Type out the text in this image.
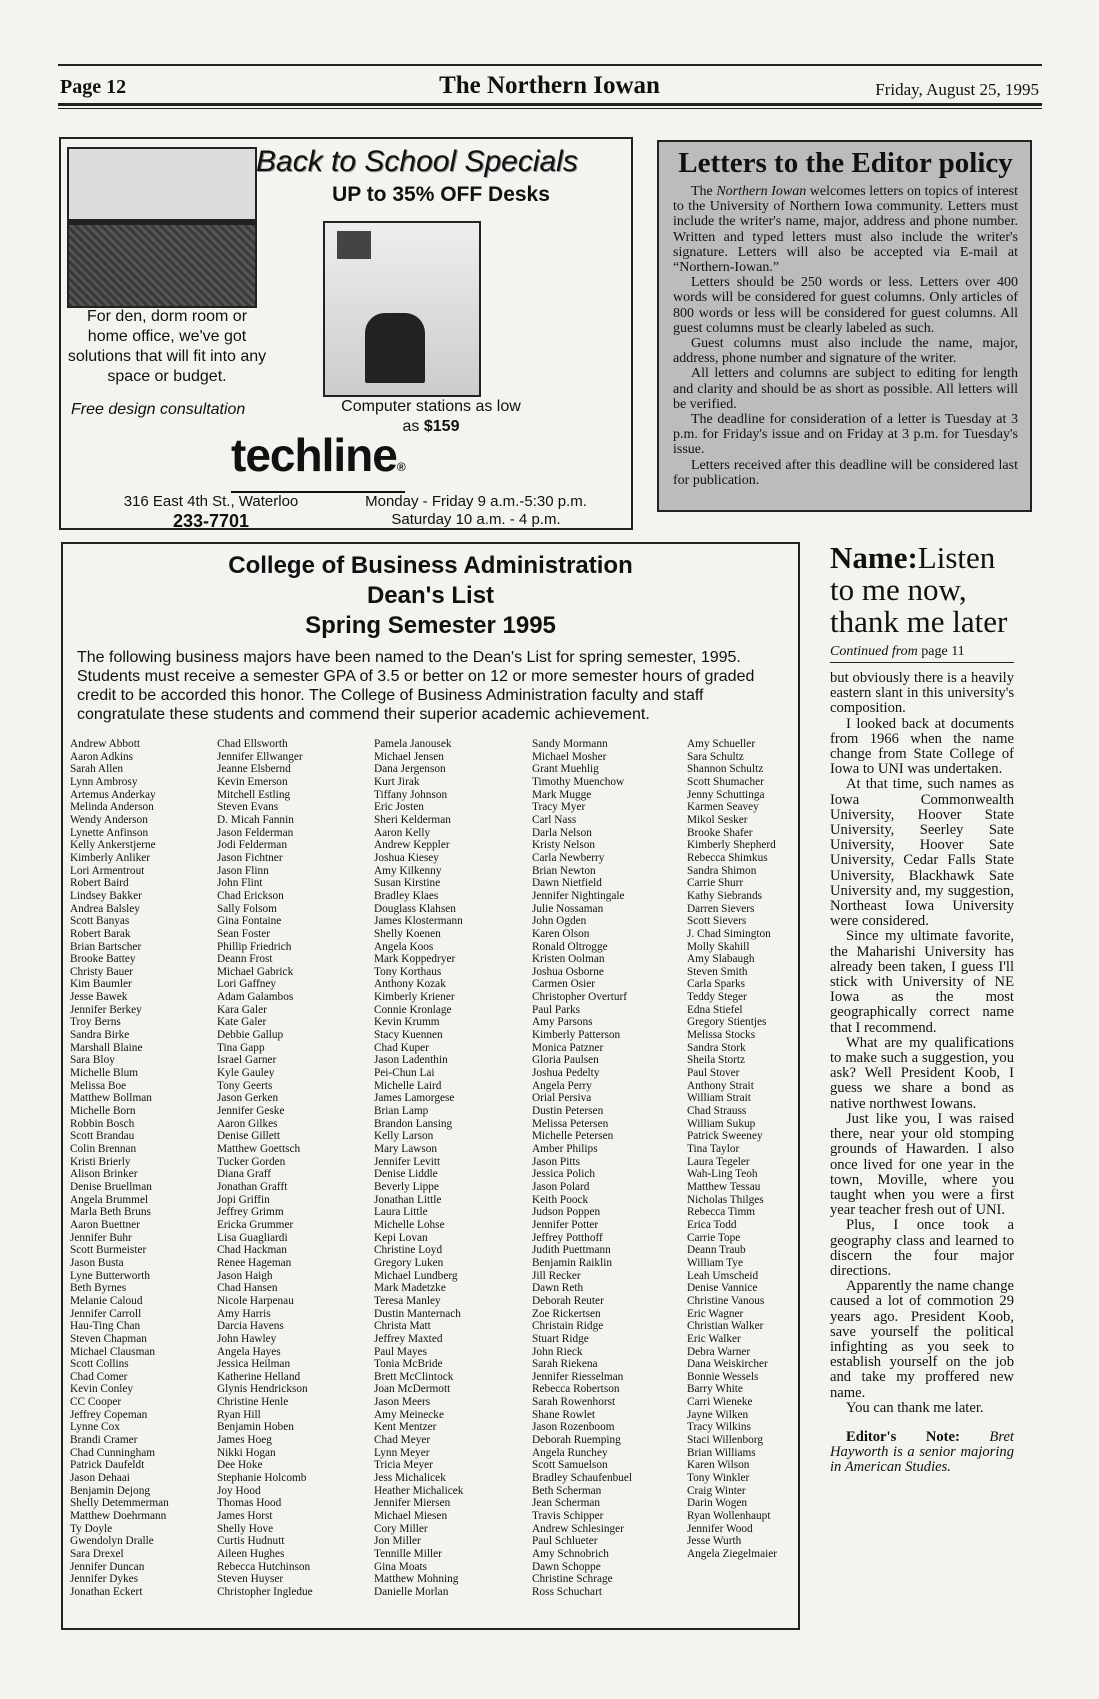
Page 12	The Northern Iowan	Friday, August 25, 1995
Back to School Specials
UP to 35% OFF Desks
For den, dorm room or home office, we've got solutions that will fit into any space or budget.
Free design consultation	Computer stations as low as $159
techline®
316 East 4th St., Waterloo
233-7701
Monday - Friday 9 a.m.-5:30 p.m.
Saturday 10 a.m. - 4 p.m.
Letters to the Editor policy

The Northern Iowan welcomes letters on topics of interest to the University of Northern Iowa community. Letters must include the writer's name, major, address and phone number. Written and typed letters must also include the writer's signature. Letters will also be accepted via E-mail at “Northern-Iowan.”

Letters should be 250 words or less. Letters over 400 words will be considered for guest columns. Only articles of 800 words or less will be considered for guest columns. All guest columns must be clearly labeled as such.

Guest columns must also include the name, major, address, phone number and signature of the writer.

All letters and columns are subject to editing for length and clarity and should be as short as possible. All letters will be verified.

The deadline for consideration of a letter is Tuesday at 3 p.m. for Friday's issue and on Friday at 3 p.m. for Tuesday's issue.

Letters received after this deadline will be considered last for publication.

College of Business Administration
Dean's List
Spring Semester 1995
The following business majors have been named to the Dean's List for spring semester, 1995. Students must receive a semester GPA of 3.5 or better on 12 or more semester hours of graded credit to be accorded this honor. The College of Business Administration faculty and staff congratulate these students and commend their superior academic achievement.
Andrew Abbott
Aaron Adkins
Sarah Allen
Lynn Ambrosy
Artemus Anderkay
Melinda Anderson
Wendy Anderson
Lynette Anfinson
Kelly Ankerstjerne
Kimberly Anliker
Lori Armentrout
Robert Baird
Lindsey Bakker
Andrea Balsley
Scott Banyas
Robert Barak
Brian Bartscher
Brooke Battey
Christy Bauer
Kim Baumler
Jesse Bawek
Jennifer Berkey
Troy Berns
Sandra Birke
Marshall Blaine
Sara Bloy
Michelle Blum
Melissa Boe
Matthew Bollman
Michelle Born
Robbin Bosch
Scott Brandau
Colin Brennan
Kristi Brierly
Alison Brinker
Denise Bruellman
Angela Brummel
Marla Beth Bruns
Aaron Buettner
Jennifer Buhr
Scott Burmeister
Jason Busta
Lyne Butterworth
Beth Byrnes
Melanie Caloud
Jennifer Carroll
Hau-Ting Chan
Steven Chapman
Michael Clausman
Scott Collins
Chad Comer
Kevin Conley
CC Cooper
Jeffrey Copeman
Lynne Cox
Brandi Cramer
Chad Cunningham
Patrick Daufeldt
Jason Dehaai
Benjamin Dejong
Shelly Detemmerman
Matthew Doehrmann
Ty Doyle
Gwendolyn Dralle
Sara Drexel
Jennifer Duncan
Jennifer Dykes
Jonathan Eckert
Chad Ellsworth
Jennifer Ellwanger
Jeanne Elsbernd
Kevin Emerson
Mitchell Estling
Steven Evans
D. Micah Fannin
Jason Felderman
Jodi Felderman
Jason Fichtner
Jason Flinn
John Flint
Chad Erickson
Sally Folsom
Gina Fontaine
Sean Foster
Phillip Friedrich
Deann Frost
Michael Gabrick
Lori Gaffney
Adam Galambos
Kara Galer
Kate Galer
Debbie Gallup
Tina Gapp
Israel Garner
Kyle Gauley
Tony Geerts
Jason Gerken
Jennifer Geske
Aaron Gilkes
Denise Gillett
Matthew Goettsch
Tucker Gorden
Diana Graff
Jonathan Grafft
Jopi Griffin
Jeffrey Grimm
Ericka Grummer
Lisa Guagliardi
Chad Hackman
Renee Hageman
Jason Haigh
Chad Hansen
Nicole Harpenau
Amy Harris
Darcia Havens
John Hawley
Angela Hayes
Jessica Heilman
Katherine Helland
Glynis Hendrickson
Christine Henle
Ryan Hill
Benjamin Hoben
James Hoeg
Nikki Hogan
Dee Hoke
Stephanie Holcomb
Joy Hood
Thomas Hood
James Horst
Shelly Hove
Curtis Hudnutt
Aileen Hughes
Rebecca Hutchinson
Steven Huyser
Christopher Ingledue
Pamela Janousek
Michael Jensen
Dana Jergenson
Kurt Jirak
Tiffany Johnson
Eric Josten
Sheri Kelderman
Aaron Kelly
Andrew Keppler
Joshua Kiesey
Amy Kilkenny
Susan Kirstine
Bradley Klaes
Douglass Klahsen
James Klostermann
Shelly Koenen
Angela Koos
Mark Koppedryer
Tony Korthaus
Anthony Kozak
Kimberly Kriener
Connie Kronlage
Kevin Krumm
Stacy Kuennen
Chad Kuper
Jason Ladenthin
Pei-Chun Lai
Michelle Laird
James Lamorgese
Brian Lamp
Brandon Lansing
Kelly Larson
Mary Lawson
Jennifer Levitt
Denise Liddle
Beverly Lippe
Jonathan Little
Laura Little
Michelle Lohse
Kepi Lovan
Christine Loyd
Gregory Luken
Michael Lundberg
Mark Madetzke
Teresa Manley
Dustin Manternach
Christa Matt
Jeffrey Maxted
Paul Mayes
Tonia McBride
Brett McClintock
Joan McDermott
Jason Meers
Amy Meinecke
Kent Mentzer
Chad Meyer
Lynn Meyer
Tricia Meyer
Jess Michalicek
Heather Michalicek
Jennifer Miersen
Michael Miesen
Cory Miller
Jon Miller
Tennille Miller
Gina Moats
Matthew Mohning
Danielle Morlan
Sandy Mormann
Michael Mosher
Grant Muehlig
Timothy Muenchow
Mark Mugge
Tracy Myer
Carl Nass
Darla Nelson
Kristy Nelson
Carla Newberry
Brian Newton
Dawn Nietfield
Jennifer Nightingale
Julie Nossaman
John Ogden
Karen Olson
Ronald Oltrogge
Kristen Oolman
Joshua Osborne
Carmen Osier
Christopher Overturf
Paul Parks
Amy Parsons
Kimberly Patterson
Monica Patzner
Gloria Paulsen
Joshua Pedelty
Angela Perry
Orial Persiva
Dustin Petersen
Melissa Petersen
Michelle Petersen
Amber Philips
Jason Pitts
Jessica Polich
Jason Polard
Keith Poock
Judson Poppen
Jennifer Potter
Jeffrey Potthoff
Judith Puettmann
Benjamin Raiklin
Jill Recker
Dawn Reth
Deborah Reuter
Zoe Rickertsen
Christain Ridge
Stuart Ridge
John Rieck
Sarah Riekena
Jennifer Riesselman
Rebecca Robertson
Sarah Rowenhorst
Shane Rowlet
Jason Rozenboom
Deborah Ruemping
Angela Runchey
Scott Samuelson
Bradley Schaufenbuel
Beth Scherman
Jean Scherman
Travis Schipper
Andrew Schlesinger
Paul Schlueter
Amy Schnobrich
Dawn Schoppe
Christine Schrage
Ross Schuchart
Amy Schueller
Sara Schultz
Shannon Schultz
Scott Shumacher
Jenny Schuttinga
Karmen Seavey
Mikol Sesker
Brooke Shafer
Kimberly Shepherd
Rebecca Shimkus
Sandra Shimon
Carrie Shurr
Kathy Siebrands
Darren Sievers
Scott Sievers
J. Chad Simington
Molly Skahill
Amy Slabaugh
Steven Smith
Carla Sparks
Teddy Steger
Edna Stiefel
Gregory Stientjes
Melissa Stocks
Sandra Stork
Sheila Stortz
Paul Stover
Anthony Strait
William Strait
Chad Strauss
William Sukup
Patrick Sweeney
Tina Taylor
Laura Tegeler
Wah-Ling Teoh
Matthew Tessau
Nicholas Thilges
Rebecca Timm
Erica Todd
Carrie Tope
Deann Traub
William Tye
Leah Umscheid
Denise Vannice
Christine Vanous
Eric Wagner
Christian Walker
Eric Walker
Debra Warner
Dana Weiskircher
Bonnie Wessels
Barry White
Carri Wieneke
Jayne Wilken
Tracy Wilkins
Staci Willenborg
Brian Williams
Karen Wilson
Tony Winkler
Craig Winter
Darin Wogen
Ryan Wollenhaupt
Jennifer Wood
Jesse Wurth
Angela Ziegelmaier
Name:Listen to me now, thank me later
Continued from page 11

but obviously there is a heavily eastern slant in this university's composition.

I looked back at documents from 1966 when the name change from State College of Iowa to UNI was undertaken.

At that time, such names as Iowa Commonwealth University, Hoover State University, Seerley Sate University, Hoover Sate University, Cedar Falls State University, Blackhawk Sate University and, my suggestion, Northeast Iowa University were considered.

Since my ultimate favorite, the Maharishi University has already been taken, I guess I'll stick with University of NE Iowa as the most geographically correct name that I recommend.

What are my qualifications to make such a suggestion, you ask? Well President Koob, I guess we share a bond as native northwest Iowans.

Just like you, I was raised there, near your old stomping grounds of Hawarden. I also once lived for one year in the town, Moville, where you taught when you were a first year teacher fresh out of UNI.

Plus, I once took a geography class and learned to discern the four major directions.

Apparently the name change caused a lot of commotion 29 years ago. President Koob, save yourself the political infighting as you seek to establish yourself on the job and take my proffered new name.

You can thank me later.

Editor's Note: Bret Hayworth is a senior majoring in American Studies.
